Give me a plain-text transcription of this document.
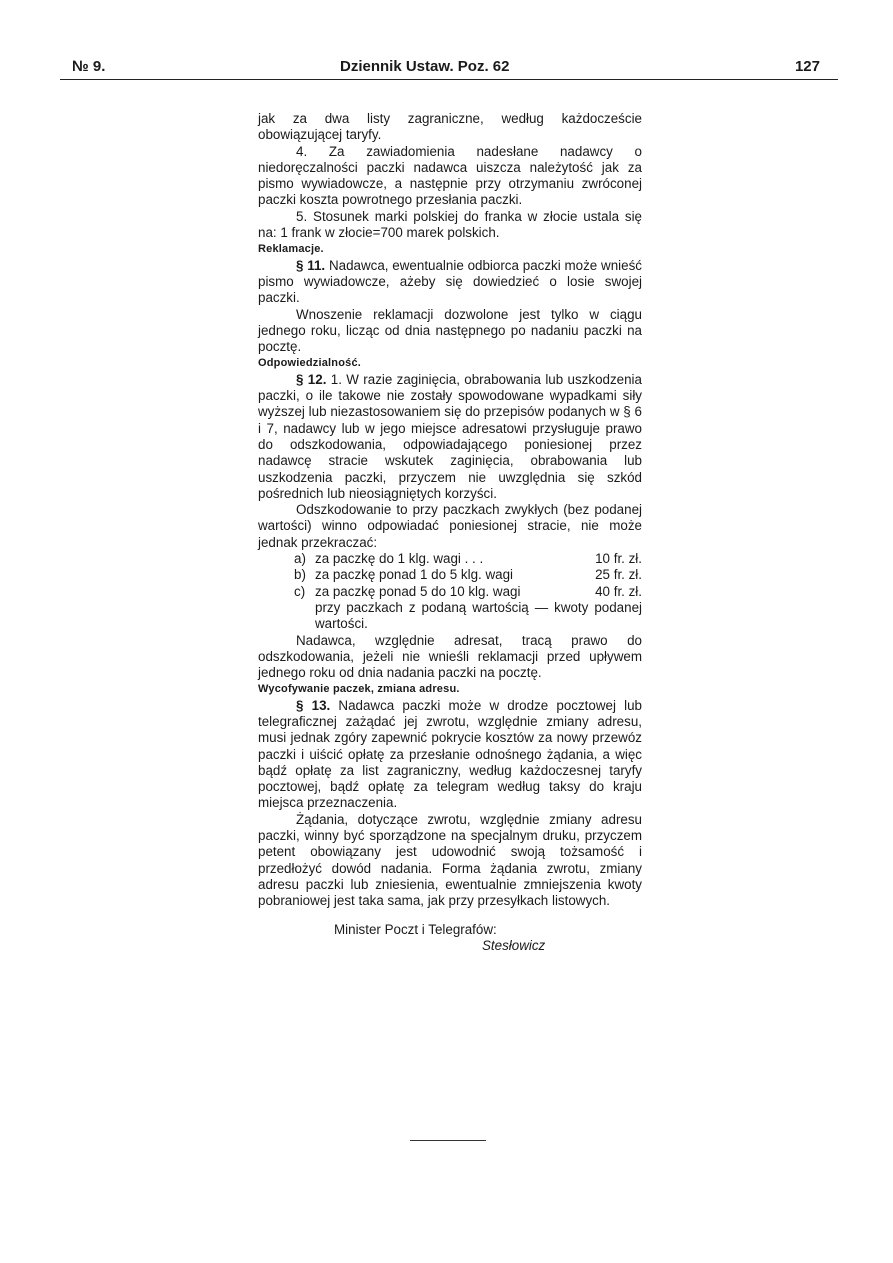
№ 9.	Dziennik Ustaw. Poz. 62	127

jak za dwa listy zagraniczne, według każdoczeście obowiązującej taryfy.

4. Za zawiadomienia nadesłane nadawcy o niedoręczalności paczki nadawca uiszcza należytość jak za pismo wywiadowcze, a następnie przy otrzymaniu zwróconej paczki koszta powrotnego przesłania paczki.

5. Stosunek marki polskiej do franka w złocie ustala się na: 1 frank w złocie=700 marek polskich.

Reklamacje.

§ 11. Nadawca, ewentualnie odbiorca paczki może wnieść pismo wywiadowcze, ażeby się dowiedzieć o losie swojej paczki.

Wnoszenie reklamacji dozwolone jest tylko w ciągu jednego roku, licząc od dnia następnego po nadaniu paczki na pocztę.

Odpowiedzialność.

§ 12. 1. W razie zaginięcia, obrabowania lub uszkodzenia paczki, o ile takowe nie zostały spowodowane wypadkami siły wyższej lub niezastosowaniem się do przepisów podanych w § 6 i 7, nadawcy lub w jego miejsce adresatowi przysługuje prawo do odszkodowania, odpowiadającego poniesionej przez nadawcę stracie wskutek zaginięcia, obrabowania lub uszkodzenia paczki, przyczem nie uwzględnia się szkód pośrednich lub nieosiągniętych korzyści.

Odszkodowanie to przy paczkach zwykłych (bez podanej wartości) winno odpowiadać poniesionej stracie, nie może jednak przekraczać:

a) za paczkę do 1 klg. wagi . . .	10 fr. zł.
b) za paczkę ponad 1 do 5 klg. wagi	25 fr. zł.
c) za paczkę ponad 5 do 10 klg. wagi	40 fr. zł.

przy paczkach z podaną wartością — kwoty podanej wartości.

Nadawca, względnie adresat, tracą prawo do odszkodowania, jeżeli nie wnieśli reklamacji przed upływem jednego roku od dnia nadania paczki na pocztę.

Wycofywanie paczek, zmiana adresu.

§ 13. Nadawca paczki może w drodze pocztowej lub telegraficznej zażądać jej zwrotu, względnie zmiany adresu, musi jednak zgóry zapewnić pokrycie kosztów za nowy przewóz paczki i uiścić opłatę za przesłanie odnośnego żądania, a więc bądź opłatę za list zagraniczny, według każdoczesnej taryfy pocztowej, bądź opłatę za telegram według taksy do kraju miejsca przeznaczenia.

Żądania, dotyczące zwrotu, względnie zmiany adresu paczki, winny być sporządzone na specjalnym druku, przyczem petent obowiązany jest udowodnić swoją tożsamość i przedłożyć dowód nadania. Forma żądania zwrotu, zmiany adresu paczki lub zniesienia, ewentualnie zmniejszenia kwoty pobraniowej jest taka sama, jak przy przesyłkach listowych.

Minister Poczt i Telegrafów:
Stesłowicz
